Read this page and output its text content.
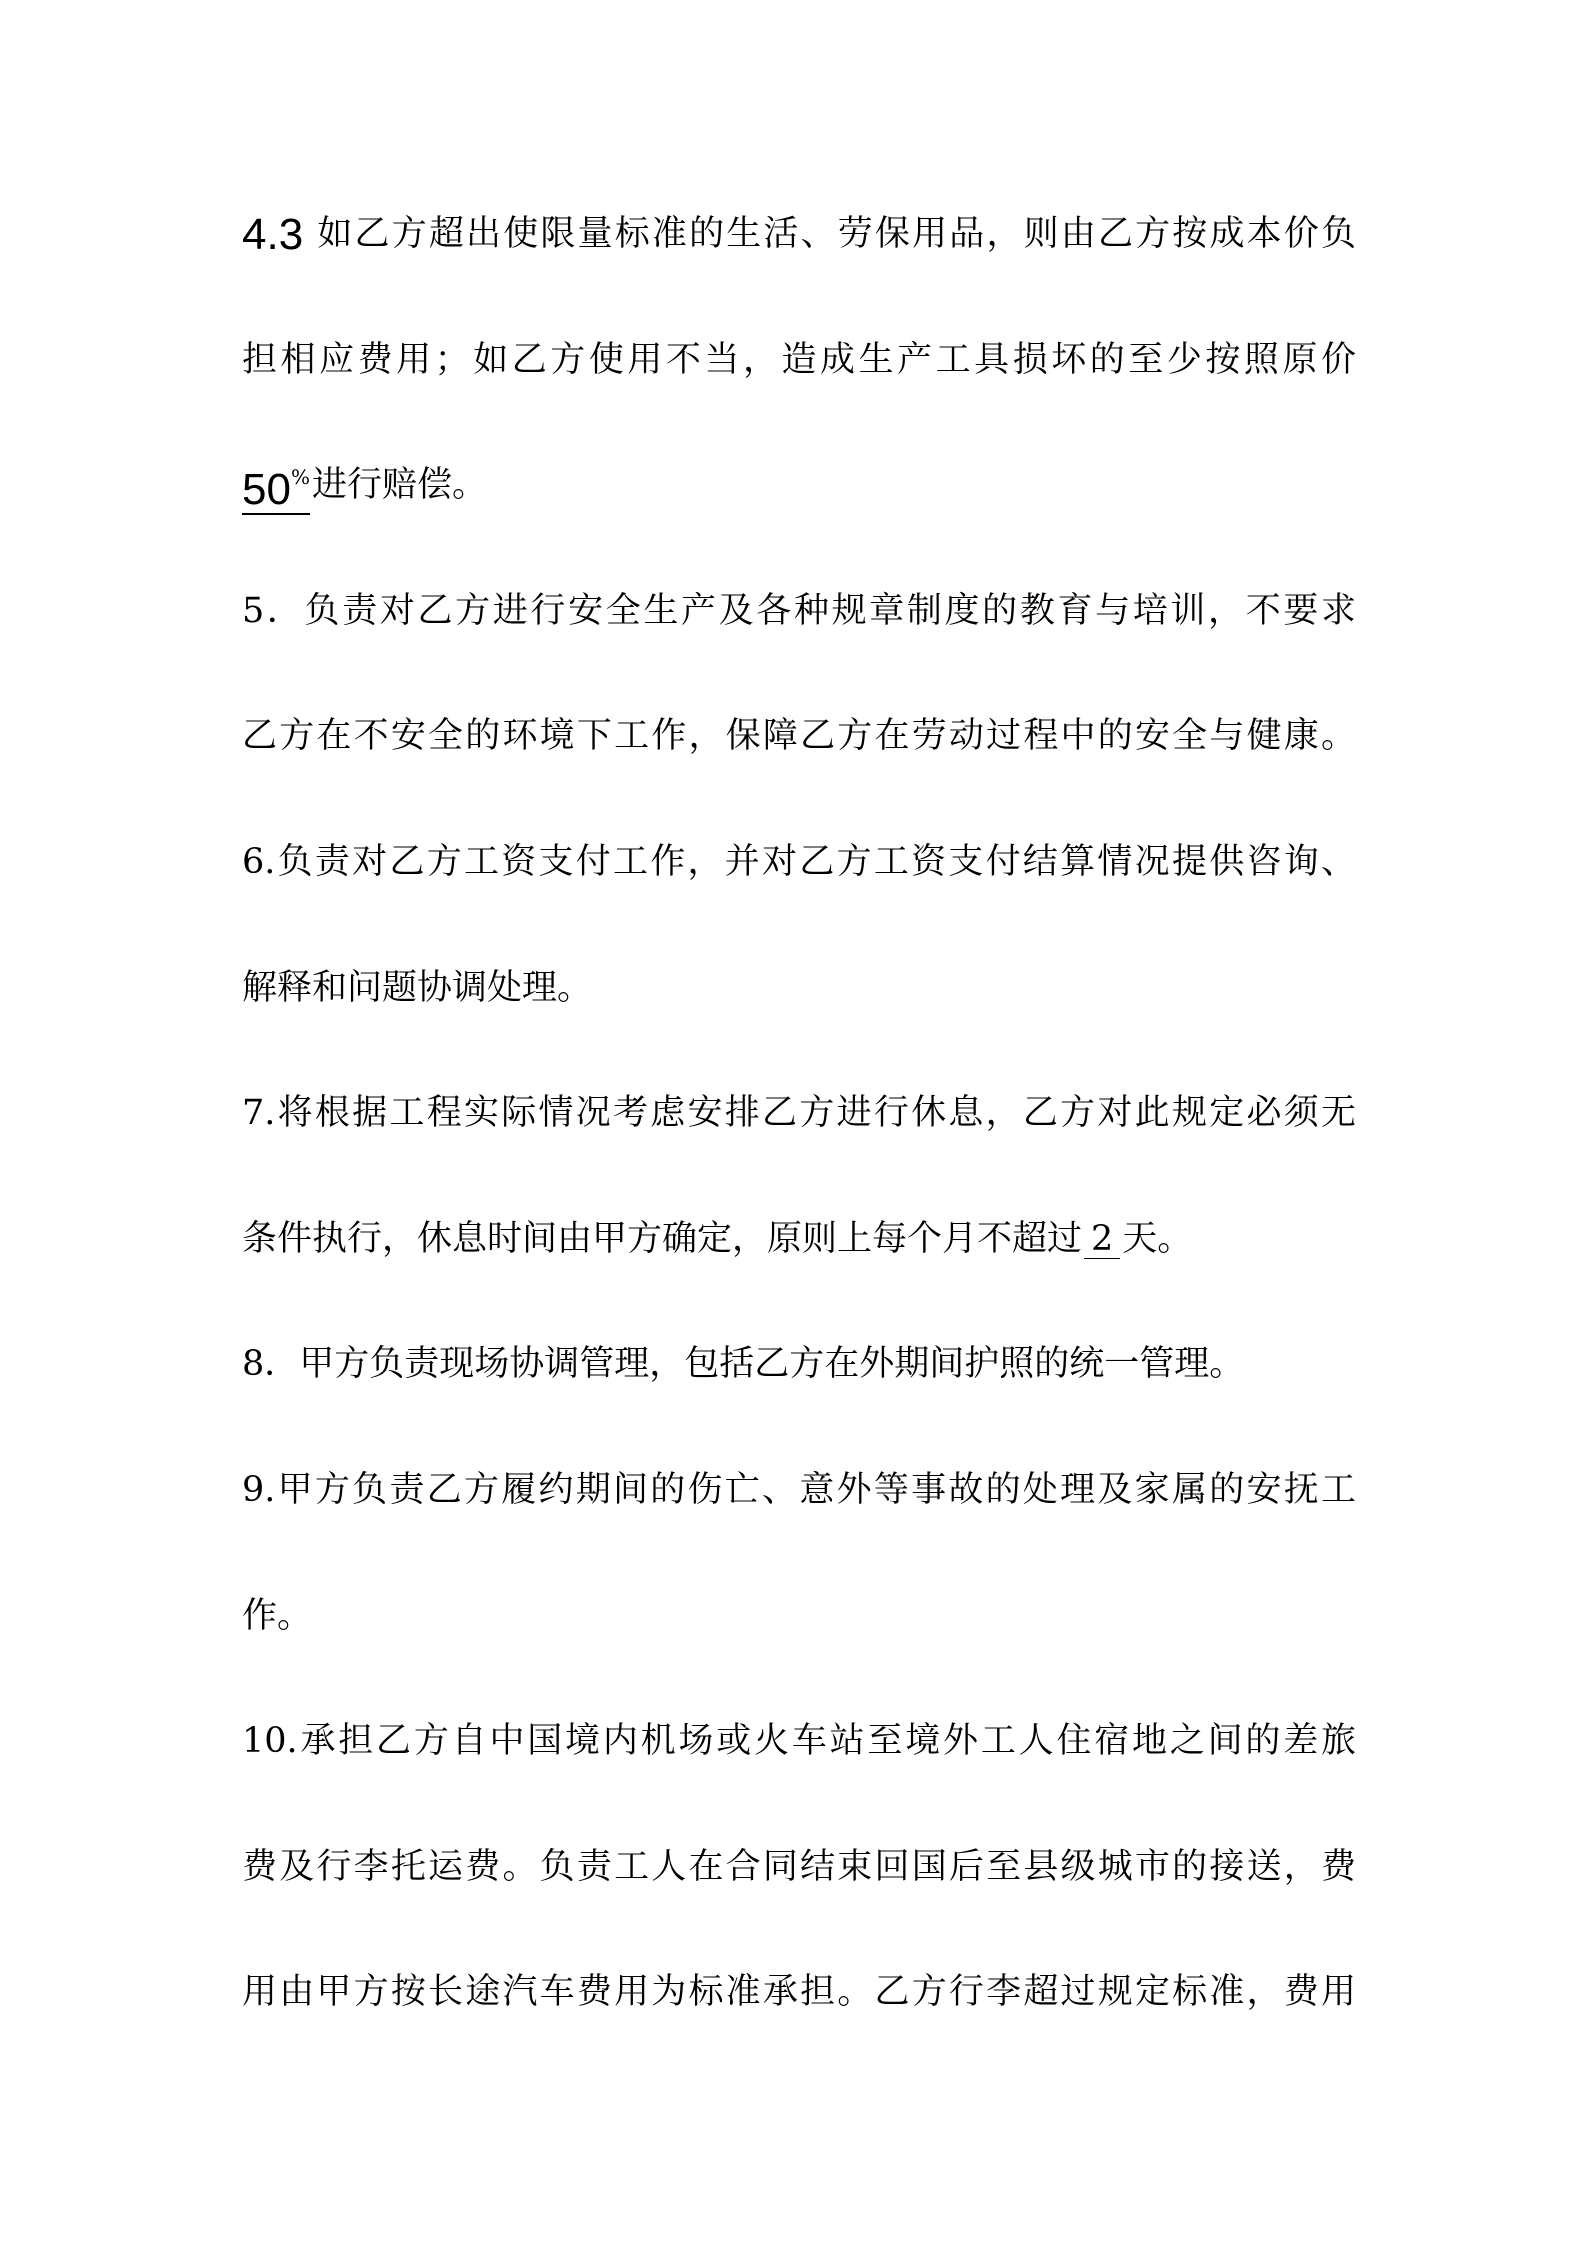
4.3 如乙方超出使限量标准的生活、劳保用品，则由乙方按成本价负
担相应费用；如乙方使用不当，造成生产工具损坏的至少按照原价
50%进行赔偿。
5．负责对乙方进行安全生产及各种规章制度的教育与培训，不要求
乙方在不安全的环境下工作，保障乙方在劳动过程中的安全与健康。
6.负责对乙方工资支付工作，并对乙方工资支付结算情况提供咨询、
解释和问题协调处理。
7.将根据工程实际情况考虑安排乙方进行休息，乙方对此规定必须无
条件执行，休息时间由甲方确定，原则上每个月不超过 2 天。
8．甲方负责现场协调管理，包括乙方在外期间护照的统一管理。
9.甲方负责乙方履约期间的伤亡、意外等事故的处理及家属的安抚工
作。
10.承担乙方自中国境内机场或火车站至境外工人住宿地之间的差旅
费及行李托运费。负责工人在合同结束回国后至县级城市的接送，费
用由甲方按长途汽车费用为标准承担。乙方行李超过规定标准，费用
